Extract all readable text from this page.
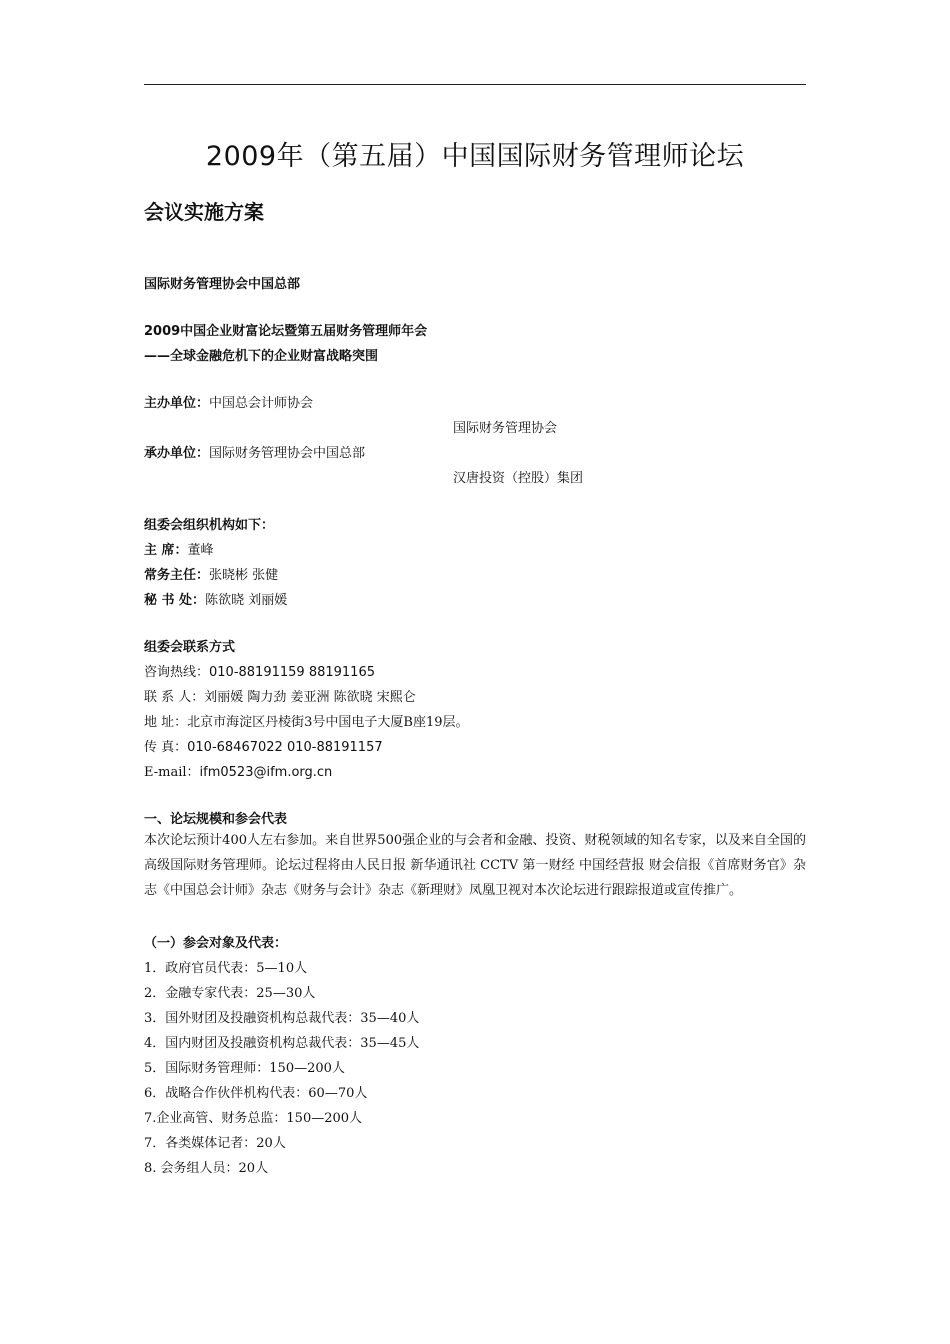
2009年（第五届）中国国际财务管理师论坛
会议实施方案
国际财务管理协会中国总部
2009中国企业财富论坛暨第五届财务管理师年会
——全球金融危机下的企业财富战略突围
主办单位：中国总会计师协会
国际财务管理协会
承办单位：国际财务管理协会中国总部
汉唐投资（控股）集团
组委会组织机构如下：
主 席：董峰
常务主任：张晓彬 张健
秘 书 处：陈欲晓 刘丽媛
组委会联系方式
咨询热线：010-88191159 88191165
联 系 人：刘丽媛 陶力劲 姜亚洲 陈欲晓 宋熙仑
地 址：北京市海淀区丹棱街3号中国电子大厦B座19层。
传 真：010-68467022 010-88191157
E-mail：ifm0523@ifm.org.cn
一、论坛规模和参会代表
本次论坛预计400人左右参加。来自世界500强企业的与会者和金融、投资、财税领域的知名专家，以及来自全国的高级国际财务管理师。论坛过程将由人民日报 新华通讯社 CCTV 第一财经 中国经营报 财会信报《首席财务官》杂志《中国总会计师》杂志《财务与会计》杂志《新理财》凤凰卫视对本次论坛进行跟踪报道或宣传推广。
（一）参会对象及代表：
1．政府官员代表：5—10人
2．金融专家代表：25—30人
3．国外财团及投融资机构总裁代表：35—40人
4．国内财团及投融资机构总裁代表：35—45人
5．国际财务管理师：150—200人
6．战略合作伙伴机构代表：60—70人
7.企业高管、财务总监：150—200人
7．各类媒体记者：20人
8. 会务组人员：20人
